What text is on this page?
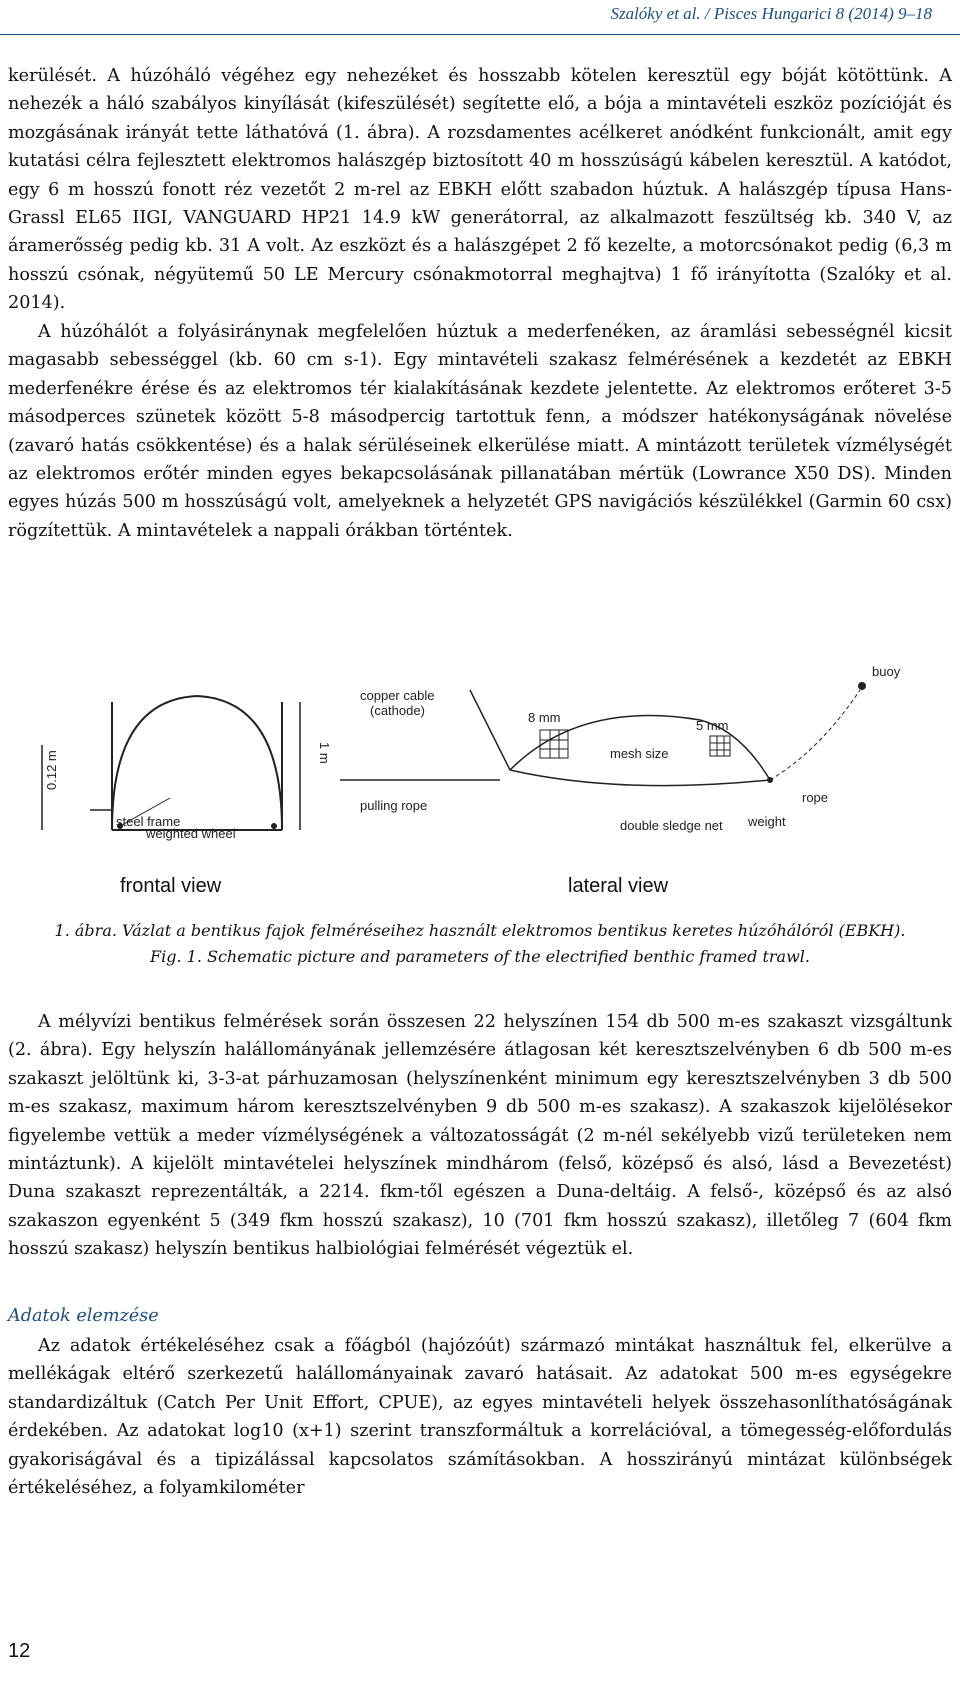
Szalóky et al. / Pisces Hungarici 8 (2014) 9–18

kerülését. A húzóháló végéhez egy nehezéket és hosszabb kötelen keresztül egy bóját kötöttünk. A nehezék a háló szabályos kinyílását (kifeszülését) segítette elő, a bója a mintavételi eszköz pozícióját és mozgásának irányát tette láthatóvá (1. ábra). A rozsdamentes acélkeret anódként funkcionált, amit egy kutatási célra fejlesztett elektromos halászgép biztosított 40 m hosszúságú kábelen keresztül. A katódot, egy 6 m hosszú fonott réz vezetőt 2 m-rel az EBKH előtt szabadon húztuk. A halászgép típusa Hans-Grassl EL65 IIGI, VANGUARD HP21 14.9 kW generátorral, az alkalmazott feszültség kb. 340 V, az áramerősség pedig kb. 31 A volt. Az eszközt és a halászgépet 2 fő kezelte, a motorcsónakot pedig (6,3 m hosszú csónak, négyütemű 50 LE Mercury csónakmotorral meghajtva) 1 fő irányította (Szalóky et al. 2014).

A húzóhálót a folyásiránynak megfelelően húztuk a mederfenéken, az áramlási sebességnél kicsit magasabb sebességgel (kb. 60 cm s-1). Egy mintavételi szakasz felmérésének a kezdetét az EBKH mederfenékre érése és az elektromos tér kialakításának kezdete jelentette. Az elektromos erőteret 3-5 másodperces szünetek között 5-8 másodpercig tartottuk fenn, a módszer hatékonyságának növelése (zavaró hatás csökkentése) és a halak sérüléseinek elkerülése miatt. A mintázott területek vízmélységét az elektromos erőtér minden egyes bekapcsolásának pillanatában mértük (Lowrance X50 DS). Minden egyes húzás 500 m hosszúságú volt, amelyeknek a helyzetét GPS navigációs készülékkel (Garmin 60 csx) rögzítettük. A mintavételek a nappali órákban történtek.

0.12 m	1 m
steel frame
weighted wheel
frontal view
copper cable
(cathode)
pulling rope
8 mm
mesh size
5 mm
double sledge net
buoy
rope
weight
lateral view

1. ábra. Vázlat a bentikus fajok felméréseihez használt elektromos bentikus keretes húzóhálóról (EBKH).

Fig. 1. Schematic picture and parameters of the electrified benthic framed trawl.

A mélyvízi bentikus felmérések során összesen 22 helyszínen 154 db 500 m-es szakaszt vizsgáltunk (2. ábra). Egy helyszín halállományának jellemzésére átlagosan két keresztszelvényben 6 db 500 m-es szakaszt jelöltünk ki, 3-3-at párhuzamosan (helyszínenként minimum egy keresztszelvényben 3 db 500 m-es szakasz, maximum három keresztszelvényben 9 db 500 m-es szakasz). A szakaszok kijelölésekor figyelembe vettük a meder vízmélységének a változatosságát (2 m-nél sekélyebb vizű területeken nem mintáztunk). A kijelölt mintavételei helyszínek mindhárom (felső, középső és alsó, lásd a Bevezetést) Duna szakaszt reprezentálták, a 2214. fkm-től egészen a Duna-deltáig. A felső-, középső és az alsó szakaszon egyenként 5 (349 fkm hosszú szakasz), 10 (701 fkm hosszú szakasz), illetőleg 7 (604 fkm hosszú szakasz) helyszín bentikus halbiológiai felmérését végeztük el.

Adatok elemzése

Az adatok értékeléséhez csak a főágból (hajózóút) származó mintákat használtuk fel, elkerülve a mellékágak eltérő szerkezetű halállományainak zavaró hatásait. Az adatokat 500 m-es egységekre standardizáltuk (Catch Per Unit Effort, CPUE), az egyes mintavételi helyek összehasonlíthatóságának érdekében. Az adatokat log10 (x+1) szerint transzformáltuk a korrelációval, a tömegesség-előfordulás gyakoriságával és a tipizálással kapcsolatos számításokban. A hosszirányú mintázat különbségek értékeléséhez, a folyamkilométer

12
